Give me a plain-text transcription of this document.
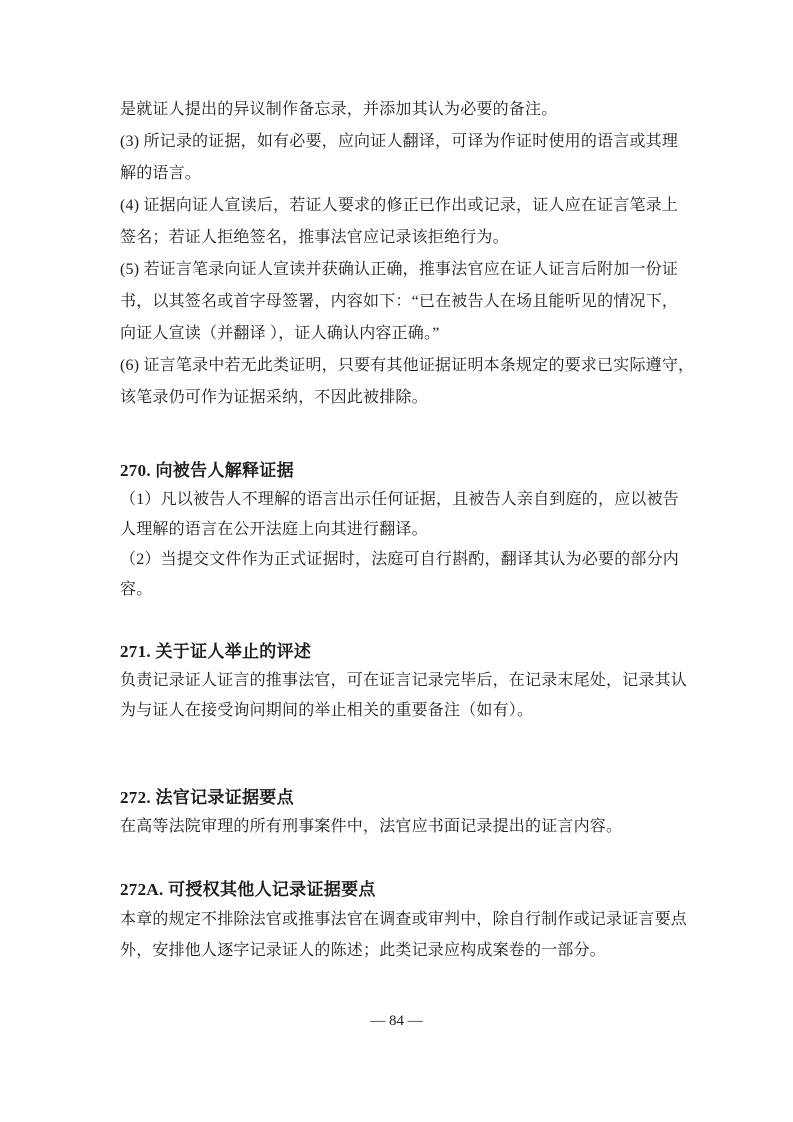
是就证人提出的异议制作备忘录，并添加其认为必要的备注。
(3) 所记录的证据，如有必要，应向证人翻译，可译为作证时使用的语言或其理
解的语言。
(4) 证据向证人宣读后，若证人要求的修正已作出或记录，证人应在证言笔录上
签名；若证人拒绝签名，推事法官应记录该拒绝行为。
(5) 若证言笔录向证人宣读并获确认正确，推事法官应在证人证言后附加一份证
书，以其签名或首字母签署，内容如下：“已在被告人在场且能听见的情况下，
向证人宣读（并翻译 ），证人确认内容正确。”
(6) 证言笔录中若无此类证明，只要有其他证据证明本条规定的要求已实际遵守，
该笔录仍可作为证据采纳，不因此被排除。
270. 向被告人解释证据
（1）凡以被告人不理解的语言出示任何证据，且被告人亲自到庭的，应以被告
人理解的语言在公开法庭上向其进行翻译。
（2）当提交文件作为正式证据时，法庭可自行斟酌，翻译其认为必要的部分内
容。
271. 关于证人举止的评述
负责记录证人证言的推事法官，可在证言记录完毕后，在记录末尾处，记录其认
为与证人在接受询问期间的举止相关的重要备注（如有）。
272. 法官记录证据要点
在高等法院审理的所有刑事案件中，法官应书面记录提出的证言内容。
272A. 可授权其他人记录证据要点
本章的规定不排除法官或推事法官在调查或审判中，除自行制作或记录证言要点
外，安排他人逐字记录证人的陈述；此类记录应构成案卷的一部分。
— 84 —
